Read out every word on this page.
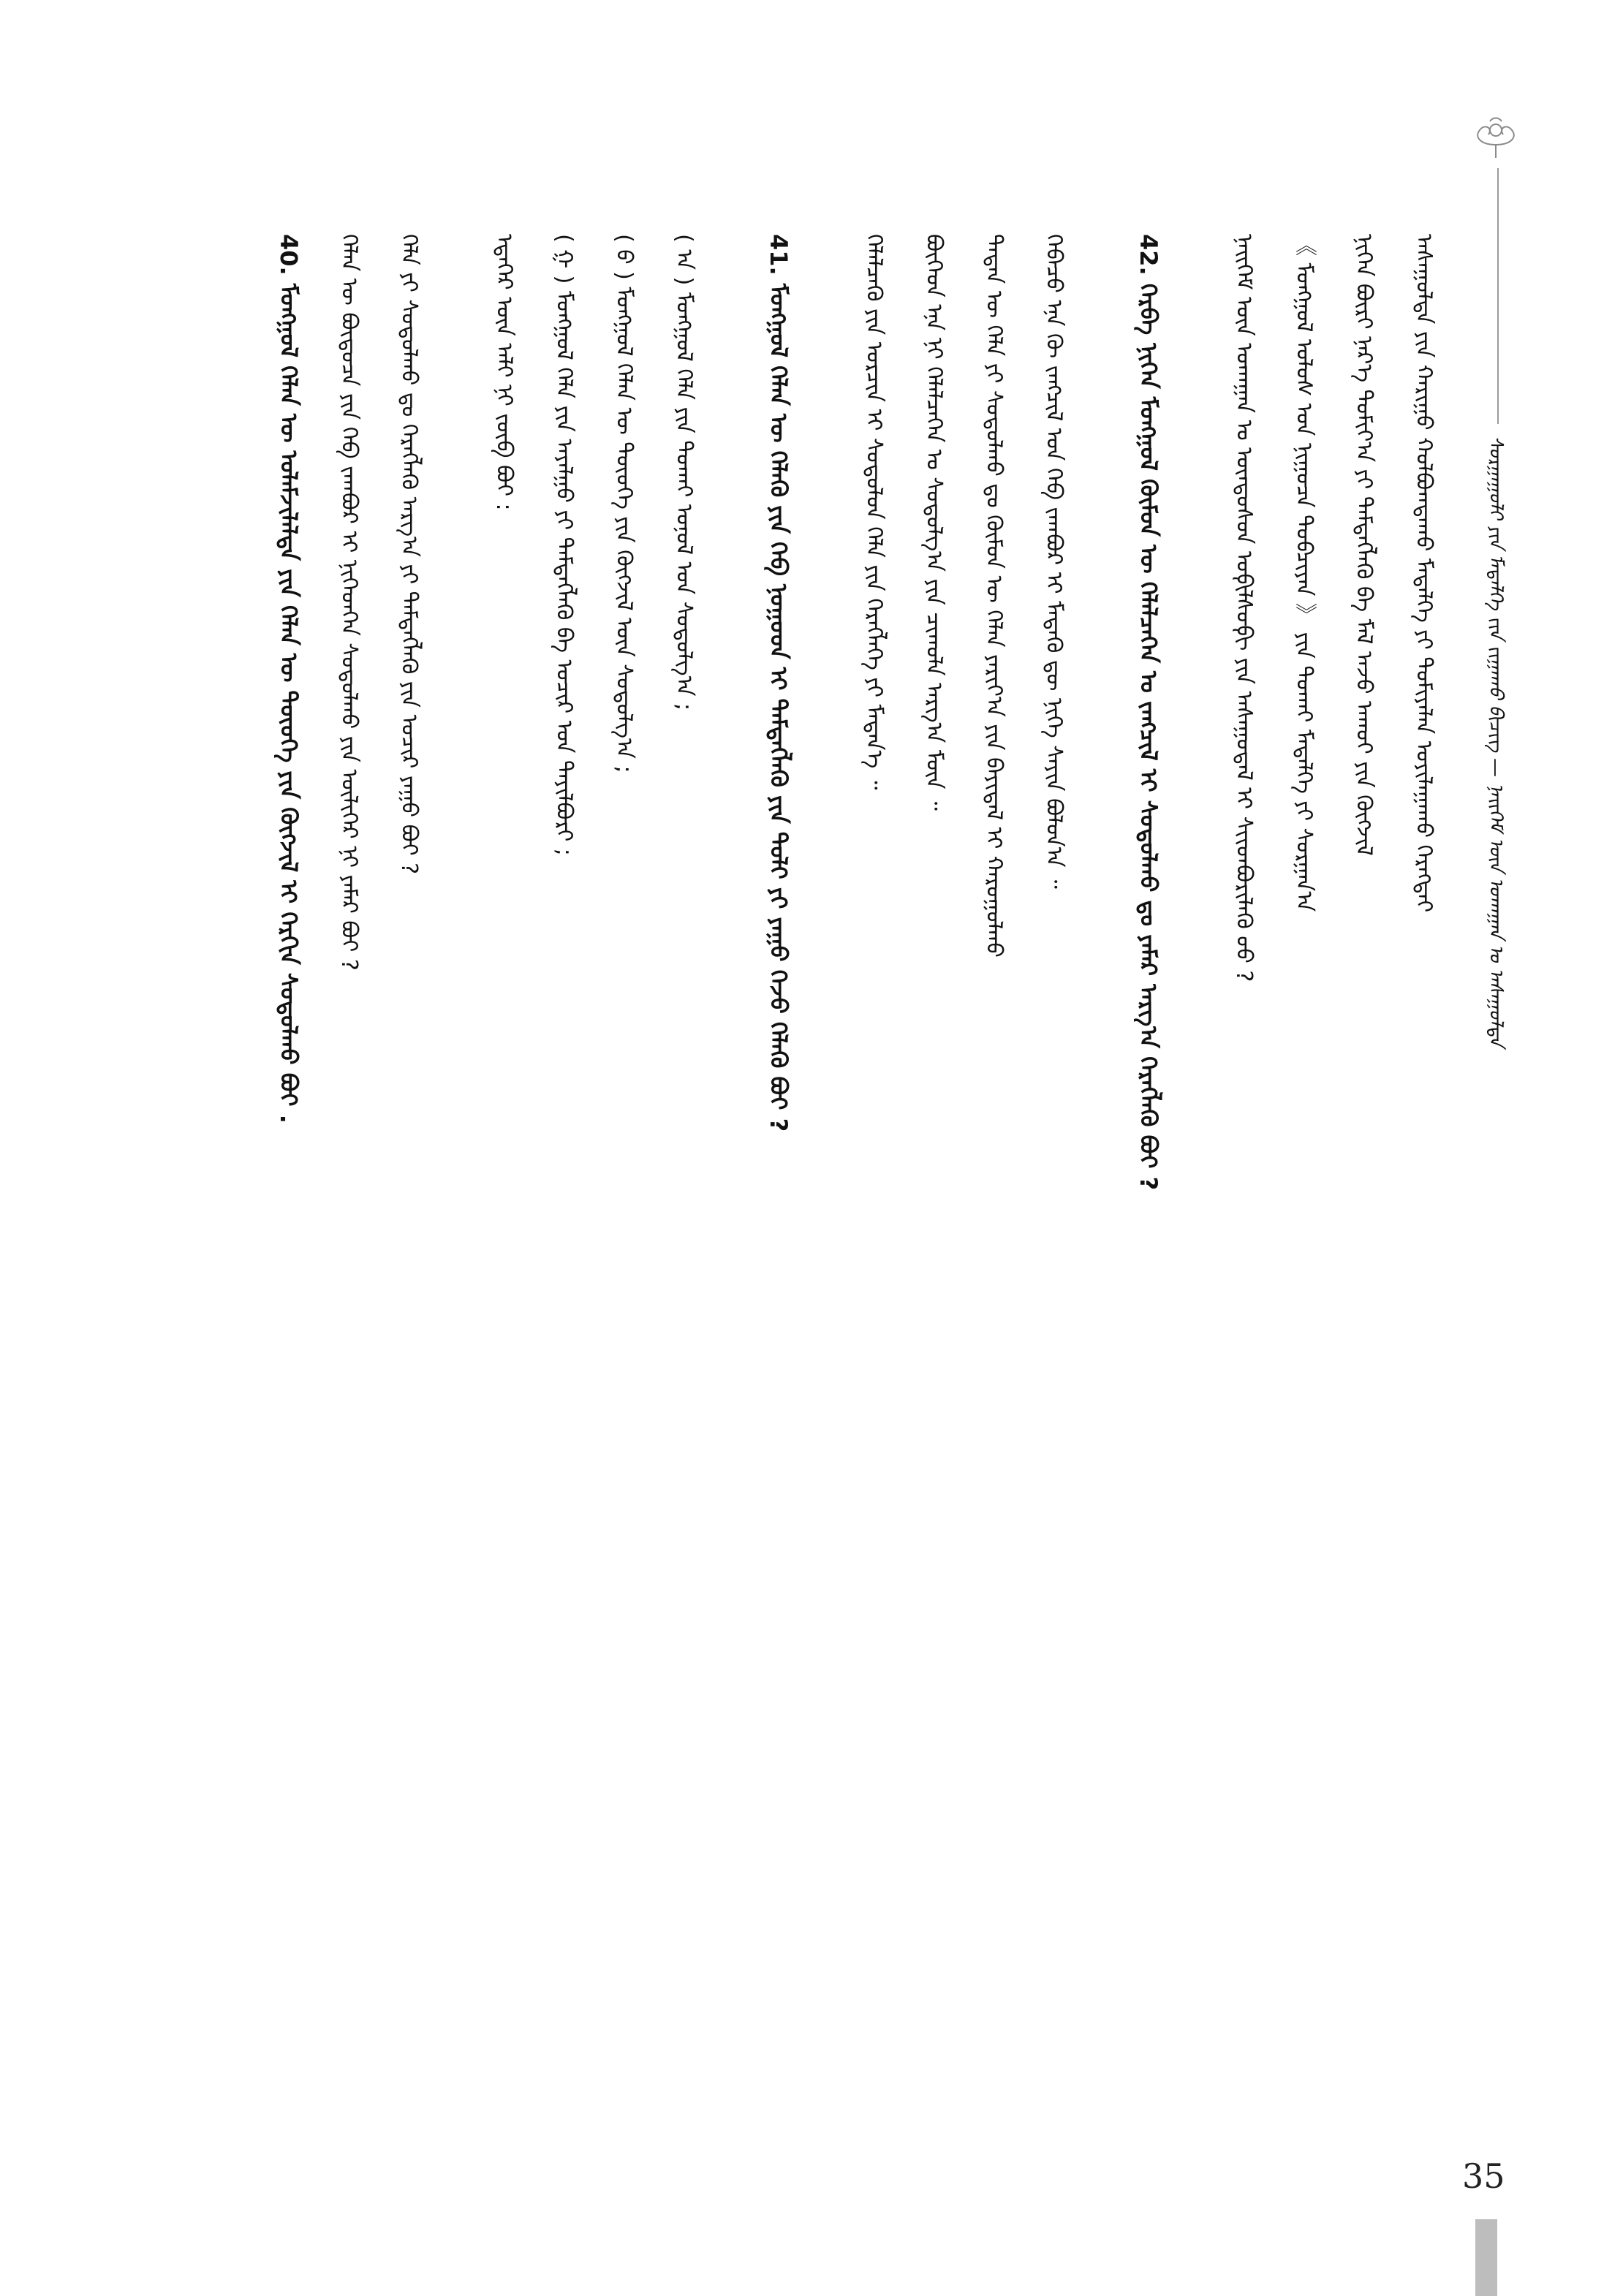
ᠰᠤᠷᠭᠠᠭᠤᠯᠢ ᠶᠢᠨ ᠮᠡᠳᠡᠯᠭᠡ ᠵᠢᠨ ᠵᠢᠭᠠᠬᠤ ᠪᠢᠴᠢᠭ᠌ — ᠨᠡᠢᠭᠡᠮ ᠦᠨ ᠤᠬᠠᠭᠠᠨ ᠤ ᠠᠰᠠᠭᠤᠯᠲᠠ
40. ᠮᠣᠩᠭᠣᠯ ᠬᠡᠯᠡᠨ ᠦ ᠤᠯᠠᠮᠵᠢᠯᠠᠯᠲᠠ ᠶᠢᠨ ᠬᠡᠯᠡᠨ ᠦ ᠲᠦᠦᠬᠡ ᠶᠢᠨ ᠬᠥᠭᠵᠢᠯ ᠢ ᠬᠡᠷᠬᠢᠨ ᠰᠤᠳᠤᠯᠬᠤ ᠪᠤᠢ .	ᠬᠡᠯᠡᠨ ᠦ ᠪᠦᠲᠦᠴᠡ ᠶᠢᠨ ᠬᠡᠪ ᠵᠠᠭᠪᠤᠷ ᠢ ᠨᠢᠭᠡᠳᠬᠡᠨ ᠰᠤᠳᠤᠯᠬᠤ ᠶᠢᠨ ᠦᠯᠢᠭᠡᠷ ᠨᠢ ᠶᠠᠮᠠᠷ ᠪᠤᠢ ?	ᠬᠡᠯᠡ ᠶᠢ ᠰᠤᠳᠤᠯᠬᠤ ᠳᠤ ᠬᠡᠷᠡᠭᠯᠡᠬᠦ ᠠᠷᠭ᠎ᠠ ᠶᠢ ᠲᠡᠮᠳᠡᠭᠯᠡᠬᠦ ᠶᠢᠨ ᠤᠴᠢᠷ ᠶᠠᠭᠤ ᠪᠤᠢ ?	ᠡᠳᠡᠭᠡᠷ ᠦᠨ ᠠᠯᠢ ᠨᠢ ᠵᠥᠪ ᠪᠤᠢ :	( ᠭ ) ᠮᠣᠩᠭᠣᠯ ᠬᠡᠯᠡ ᠶᠢᠨ ᠠᠶᠠᠯᠭᠤ ᠶᠢ ᠲᠡᠮᠳᠡᠭᠯᠡᠬᠦ ᠪᠠ ᠤᠴᠢᠷ ᠤᠨ ᠲᠠᠶᠢᠯᠪᠤᠷᠢ ;	( ᠪ ) ᠮᠣᠩᠭᠣᠯ ᠬᠡᠯᠡᠨ ᠦ ᠲᠦᠦᠬᠡ ᠶᠢᠨ ᠬᠥᠭᠵᠢᠯ ᠦᠨ ᠰᠤᠳᠤᠯᠭ᠎ᠠ ;	( ᠠ ) ᠮᠣᠩᠭᠣᠯ ᠬᠡᠯᠡ ᠶᠢᠨ ᠲᠤᠬᠠᠢ ᠤᠨᠤᠯ ᠤᠨ ᠰᠤᠳᠤᠯᠭ᠎ᠠ ;	41. ᠮᠣᠩᠭᠣᠯ ᠬᠡᠯᠡᠨ ᠦ ᠬᠡᠯᠡᠬᠦ ᠶᠢᠨ ᠬᠡᠪ ᠨᠤᠭᠤᠳ ᠢ ᠲᠡᠮᠳᠡᠭᠯᠡᠬᠦ ᠶᠢᠨ ᠳᠤᠯᠢ ᠶᠢ ᠶᠠᠭᠤ ᠭᠡᠵᠦ ᠬᠡᠯᠡᠬᠦ ᠪᠤᠢ ?	ᠬᠡᠯᠡᠯᠴᠡᠬᠦ ᠶᠢᠨ ᠤᠷᠴᠢᠨ ᠢ ᠰᠤᠳᠤᠯᠤᠨ ᠬᠡᠯᠡ ᠶᠢᠨ ᠬᠡᠷᠡᠭᠯᠡᠭᠡ ᠶᠢ ᠮᠡᠳᠡᠨ᠎ᠡ ᠃	ᠪᠥᠭᠡᠳ ᠡᠨᠡ ᠨᠢ ᠬᠡᠯᠡᠯᠴᠡᠭᠡᠨ ᠤ ᠰᠤᠳᠤᠯᠭ᠎ᠠ ᠶᠢᠨ ᠴᠢᠬᠤᠯᠠ ᠠᠷᠭ᠎ᠠ ᠮᠥᠨ ᠃	ᠲᠡᠳᠡᠨ ᠦ ᠬᠡᠯᠡ ᠶᠢ ᠰᠤᠳᠤᠯᠬᠤ ᠳᠤ ᠬᠦᠮᠦᠨ ᠦ ᠬᠡᠯᠡᠨ ᠶᠠᠷᠢᠶ᠎ᠠ ᠶᠢᠨ ᠪᠠᠶᠢᠳᠠᠯ ᠢ ᠬᠠᠷᠤᠭᠤᠯᠬᠤ	ᠭᠡᠪᠡᠴᠦ ᠡᠨᠡ ᠬᠦ ᠵᠠᠩᠴᠢᠯ ᠤᠨ ᠬᠡᠪ ᠵᠠᠭᠪᠤᠷ ᠢ ᠮᠡᠳᠡᠬᠦ ᠳᠦ ᠨᠢᠭᠡ ᠰᠠᠶᠢᠨ ᠪᠤᠯᠤᠨ᠎ᠠ ᠃	42. ᠬᠡᠷᠪᠡ ᠨᠢᠭᠡᠨ ᠮᠣᠩᠭᠣᠯ ᠬᠦᠮᠦᠨ ᠦ ᠬᠡᠯᠡᠯᠴᠡᠭᠡᠨ ᠤ ᠵᠠᠩᠴᠢᠯ ᠢ ᠰᠤᠳᠤᠯᠬᠤ ᠳᠤ ᠶᠠᠮᠠᠷ ᠠᠷᠭ᠎ᠠ ᠬᠡᠷᠡᠭᠯᠡᠬᠦ ᠪᠤᠢ ?	ᠨᠡᠢᠭᠡᠮ ᠦᠨ ᠤᠬᠠᠭᠠᠨ ᠤ ᠦᠨᠳᠦᠰᠦᠨ ᠤᠹᠢᠯᠰᠣᠹᠢ ᠶᠢᠨ ᠠᠰᠠᠭᠤᠳᠠᠯ ᠢ ᠰᠢᠢᠳᠪᠦᠷᠢᠯᠡᠬᠦ ᠦᠦ ?	《 ᠮᠣᠩᠭᠣᠯ ᠤᠯᠤᠰ ᠤᠨ ᠨᠢᠭᠤᠴᠠ ᠲᠤᠪᠴᠢᠶᠠᠨ 》 ᠶᠢᠨ ᠲᠤᠬᠠᠢ ᠮᠡᠳᠡᠯᠭᠡ ᠶᠢ ᠰᠤᠷᠭᠠᠨ᠎ᠠ	ᠨᠢᠭᠡᠨ ᠪᠦᠷᠢ ᠨᠡᠷ᠎ᠡ ᠲᠣᠮᠢᠶ᠎ᠠ ᠶᠢ ᠲᠡᠮᠳᠡᠭᠯᠡᠬᠦ ᠪᠠ ᠮᠠᠯ ᠠᠵᠤ ᠠᠬᠤᠢ ᠶᠢᠨ ᠬᠥᠭᠵᠢᠯ	ᠠᠰᠠᠭᠤᠯᠲᠠ ᠶᠢᠨ ᠬᠠᠷᠢᠭᠤ ᠬᠤᠯᠪᠤᠭᠳᠠᠬᠤ ᠮᠡᠳᠡᠯᠭᠡ ᠶᠢ ᠲᠤᠮᠢᠶᠠᠯᠠᠨ ᠣᠶᠢᠯᠠᠭᠠᠬᠤ ᠬᠡᠷᠡᠭᠲᠡᠢ
35
